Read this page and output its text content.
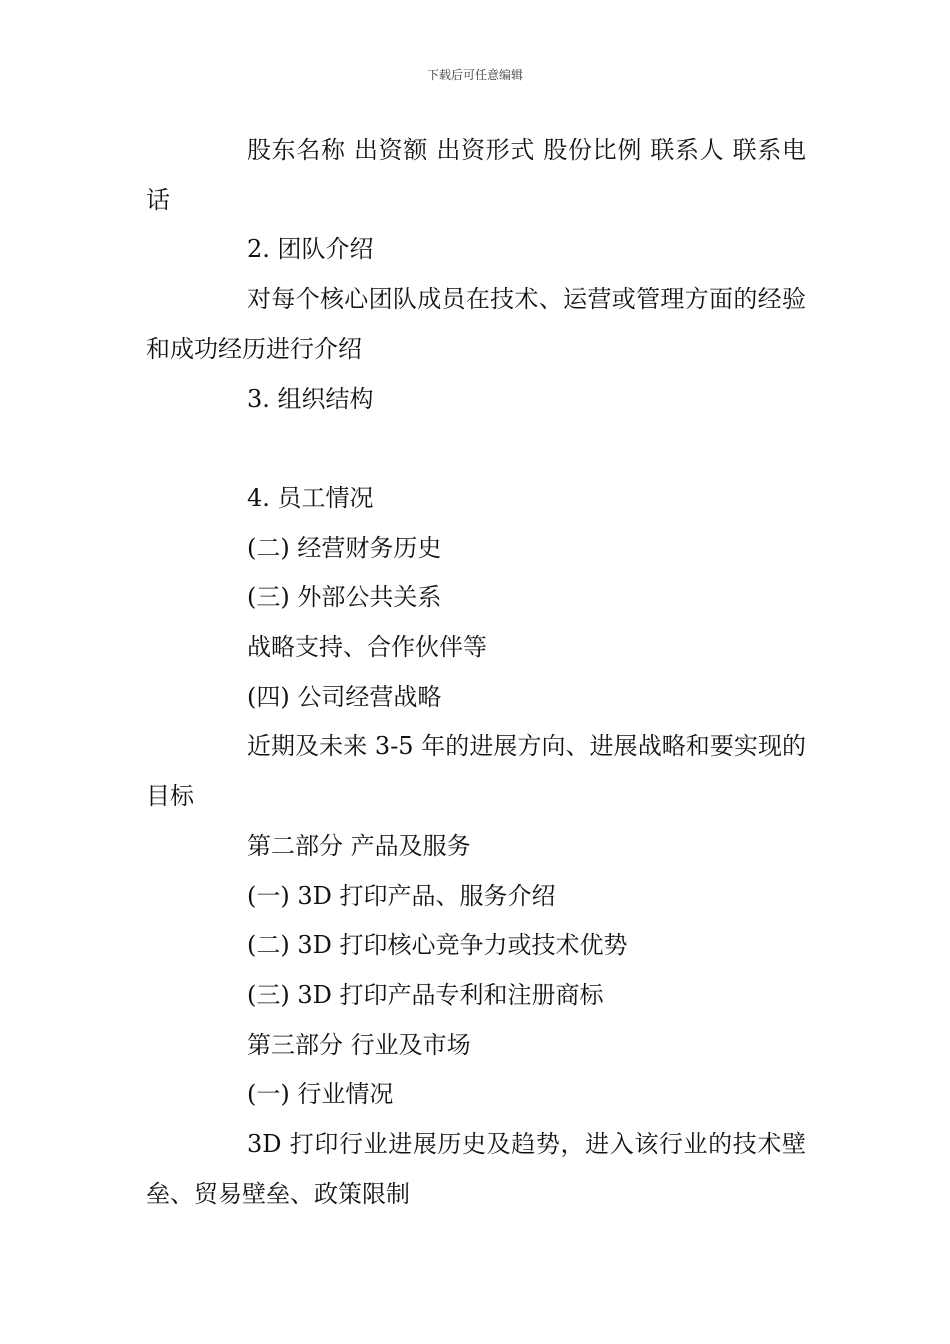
下载后可任意编辑

股东名称 出资额 出资形式 股份比例 联系人 联系电话

2. 团队介绍

对每个核心团队成员在技术、运营或管理方面的经验和成功经历进行介绍

3. 组织结构

4. 员工情况

(二) 经营财务历史

(三) 外部公共关系

战略支持、合作伙伴等

(四) 公司经营战略

近期及未来 3-5 年的进展方向、进展战略和要实现的目标

第二部分 产品及服务

(一) 3D 打印产品、服务介绍

(二) 3D 打印核心竞争力或技术优势

(三) 3D 打印产品专利和注册商标

第三部分 行业及市场

(一) 行业情况

3D 打印行业进展历史及趋势，进入该行业的技术壁垒、贸易壁垒、政策限制
